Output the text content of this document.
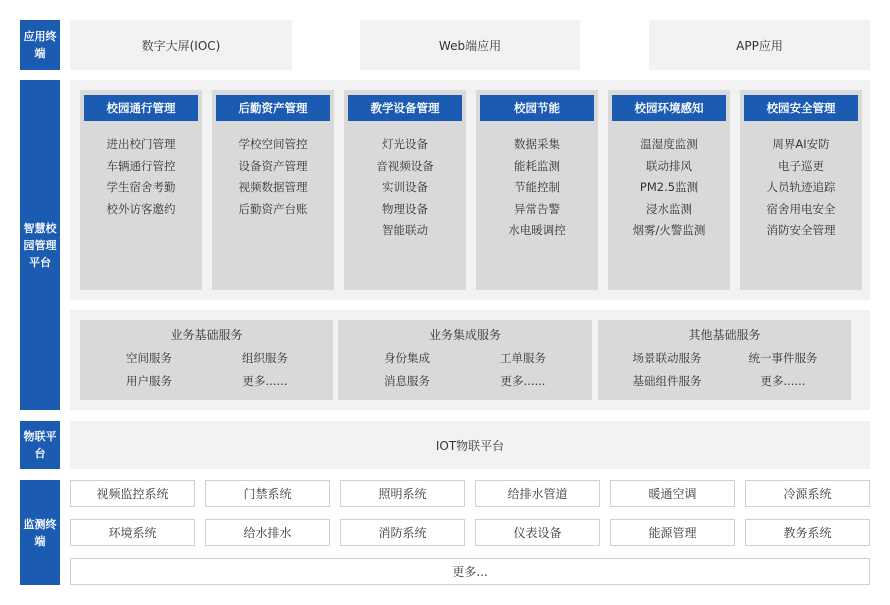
应用终端
智慧校园管理平台
物联平台
监测终端
数字大屏(IOC)	Web端应用	APP应用
校园通行管理
进出校门管理
车辆通行管控
学生宿舍考勤
校外访客邀约
后勤资产管理
学校空间管控
设备资产管理
视频数据管理
后勤资产台账
教学设备管理
灯光设备
音视频设备
实训设备
物理设备
智能联动
校园节能
数据采集
能耗监测
节能控制
异常告警
水电暖调控
校园环境感知
温湿度监测
联动排风
PM2.5监测
浸水监测
烟雾/火警监测
校园安全管理
周界AI安防
电子巡更
人员轨迹追踪
宿舍用电安全
消防安全管理
业务基础服务
空间服务	组织服务
用户服务	更多......
业务集成服务
身份集成	工单服务
消息服务	更多......
其他基础服务
场景联动服务	统一事件服务
基础组件服务	更多......
IOT物联平台
视频监控系统	门禁系统	照明系统	给排水管道	暖通空调	冷源系统
环境系统	给水排水	消防系统	仪表设备	能源管理	教务系统
更多...
